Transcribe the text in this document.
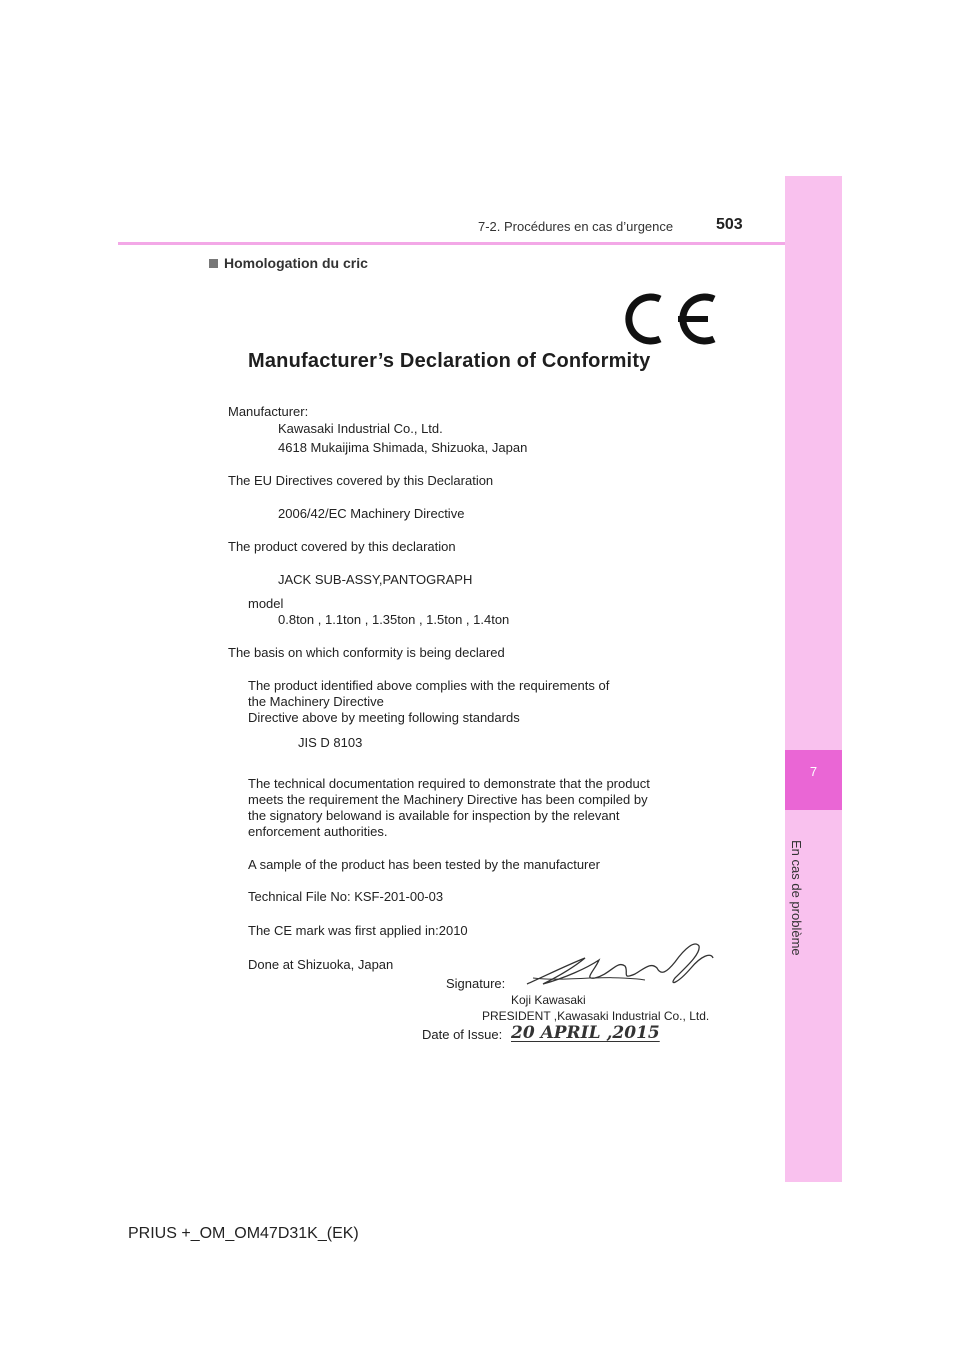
7
En cas de problème
7-2. Procédures en cas d’urgence	503
Homologation du cric
Manufacturer’s Declaration of Conformity
Manufacturer:
Kawasaki Industrial Co., Ltd.
4618 Mukaijima Shimada, Shizuoka, Japan
The EU Directives covered by this Declaration
2006/42/EC Machinery Directive
The product covered by this declaration
JACK SUB-ASSY,PANTOGRAPH
model
0.8ton , 1.1ton , 1.35ton , 1.5ton , 1.4ton
The basis on which conformity is being declared
The product identified above complies with the requirements of
the Machinery Directive
Directive above by meeting following standards
JIS D 8103
The technical documentation required to demonstrate that the product
meets the requirement the Machinery Directive has been compiled by
the signatory belowand is available for inspection by the relevant
enforcement authorities.
A sample of the product has been tested by the manufacturer
Technical File No: KSF-201-00-03
The CE mark was first applied in:2010
Done at Shizuoka, Japan
Signature:
Koji Kawasaki
PRESIDENT ,Kawasaki Industrial Co., Ltd.
Date of Issue: 20 APRIL ,2015
PRIUS +_OM_OM47D31K_(EK)
